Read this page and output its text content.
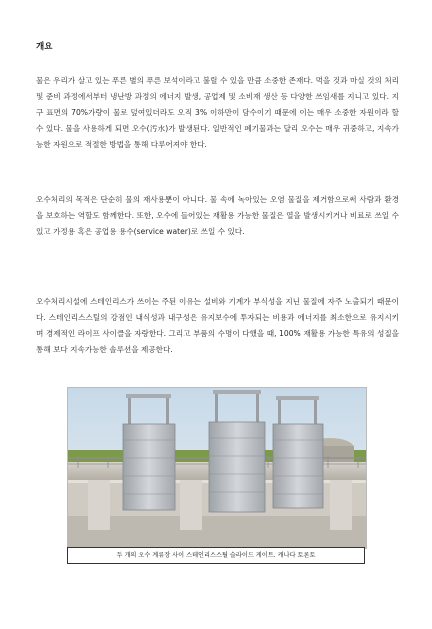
개요

물은 우리가 살고 있는 푸른 별의 푸른 보석이라고 불릴 수 있을 만큼 소중한 존재다. 먹을 것과 마실 것의 처리 및 준비 과정에서부터 냉난방 과정의 에너지 발생, 공업제 및 소비재 생산 등 다양한 쓰임새를 지니고 있다. 지구 표면의 70%가량이 물로 덮여있더라도 오직 3% 이하만이 담수이기 때문에 이는 매우 소중한 자원이라 할 수 있다. 물을 사용하게 되면 오수(汚水)가 발생된다. 일반적인 폐기물과는 달리 오수는 매우 귀중하고, 지속가능한 자원으로 적절한 방법을 통해 다루어져야 한다.

오수처리의 목적은 단순히 물의 재사용뿐이 아니다. 물 속에 녹아있는 오염 물질을 제거함으로써 사람과 환경을 보호하는 역할도 함께한다. 또한, 오수에 들어있는 재활용 가능한 물질은 열을 발생시키거나 비료로 쓰일 수 있고 가정용 혹은 공업용 용수(service water)로 쓰일 수 있다.

오수처리시설에 스테인리스가 쓰이는 주된 이유는 설비와 기계가 부식성을 지닌 물질에 자주 노출되기 때문이다. 스테인리스스틸의 강점인 내식성과 내구성은 유지보수에 투자되는 비용과 에너지를 최소한으로 유지시키며 경제적인 라이프 사이클을 자랑한다. 그리고 부품의 수명이 다했을 때, 100% 재활용 가능한 특유의 성질을 통해 보다 지속가능한 솔루션을 제공한다.

두 개의 오수 계류장 사이 스테인리스스틸 슬라이드 게이트. 캐나다 토론토
